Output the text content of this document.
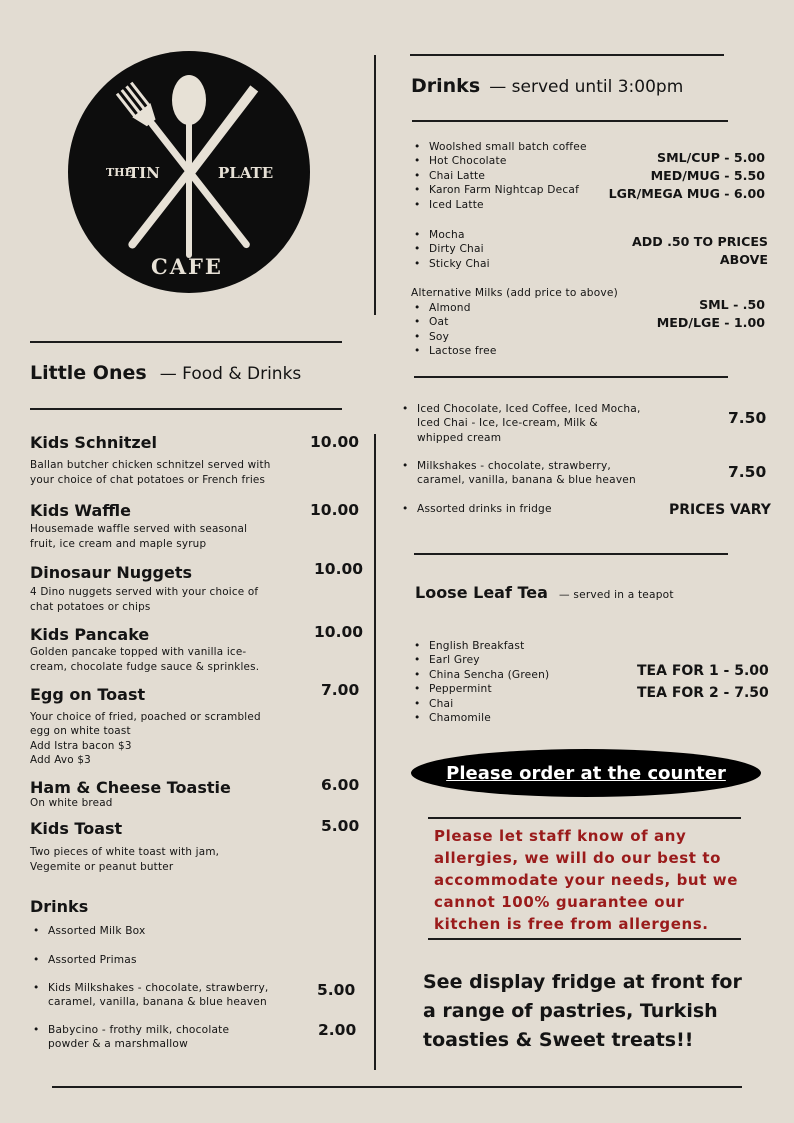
THE
TIN	PLATE
CAFE
Little Ones — Food & Drinks
Kids Schnitzel	10.00
Ballan butcher chicken schnitzel served with
your choice of chat potatoes or French fries
Kids Waffle	10.00
Housemade waffle served with seasonal
fruit, ice cream and maple syrup
Dinosaur Nuggets	10.00
4 Dino nuggets served with your choice of
chat potatoes or chips
Kids Pancake	10.00
Golden pancake topped with vanilla ice-
cream, chocolate fudge sauce & sprinkles.
Egg on Toast	7.00
Your choice of fried, poached or scrambled
egg on white toast
Add Istra bacon $3
Add Avo $3
Ham & Cheese Toastie	6.00
On white bread
Kids Toast	5.00
Two pieces of white toast with jam,
Vegemite or peanut butter
Drinks
• Assorted Milk Box
• Assorted Primas
• Kids Milkshakes - chocolate, strawberry,
caramel, vanilla, banana & blue heaven
5.00
• Babycino - frothy milk, chocolate
powder & a marshmallow
2.00
Drinks — served until 3:00pm
• Woolshed small batch coffee
• Hot Chocolate
• Chai Latte
• Karon Farm Nightcap Decaf
• Iced Latte
SML/CUP - 5.00
MED/MUG - 5.50
LGR/MEGA MUG - 6.00
• Mocha
• Dirty Chai
• Sticky Chai
ADD .50 TO PRICES
ABOVE
Alternative Milks (add price to above)
• Almond
• Oat
• Soy
• Lactose free
SML - .50
MED/LGE - 1.00
• Iced Chocolate, Iced Coffee, Iced Mocha,
Iced Chai - Ice, Ice-cream, Milk &
whipped cream
7.50
• Milkshakes - chocolate, strawberry,
caramel, vanilla, banana & blue heaven	7.50
• Assorted drinks in fridge	PRICES VARY
Loose Leaf Tea — served in a teapot
• English Breakfast
• Earl Grey
• China Sencha (Green)
• Peppermint
• Chai
• Chamomile
TEA FOR 1 - 5.00
TEA FOR 2 - 7.50
Please order at the counter
Please let staff know of any
allergies, we will do our best to
accommodate your needs, but we
cannot 100% guarantee our
kitchen is free from allergens.
See display fridge at front for
a range of pastries, Turkish
toasties & Sweet treats!!
